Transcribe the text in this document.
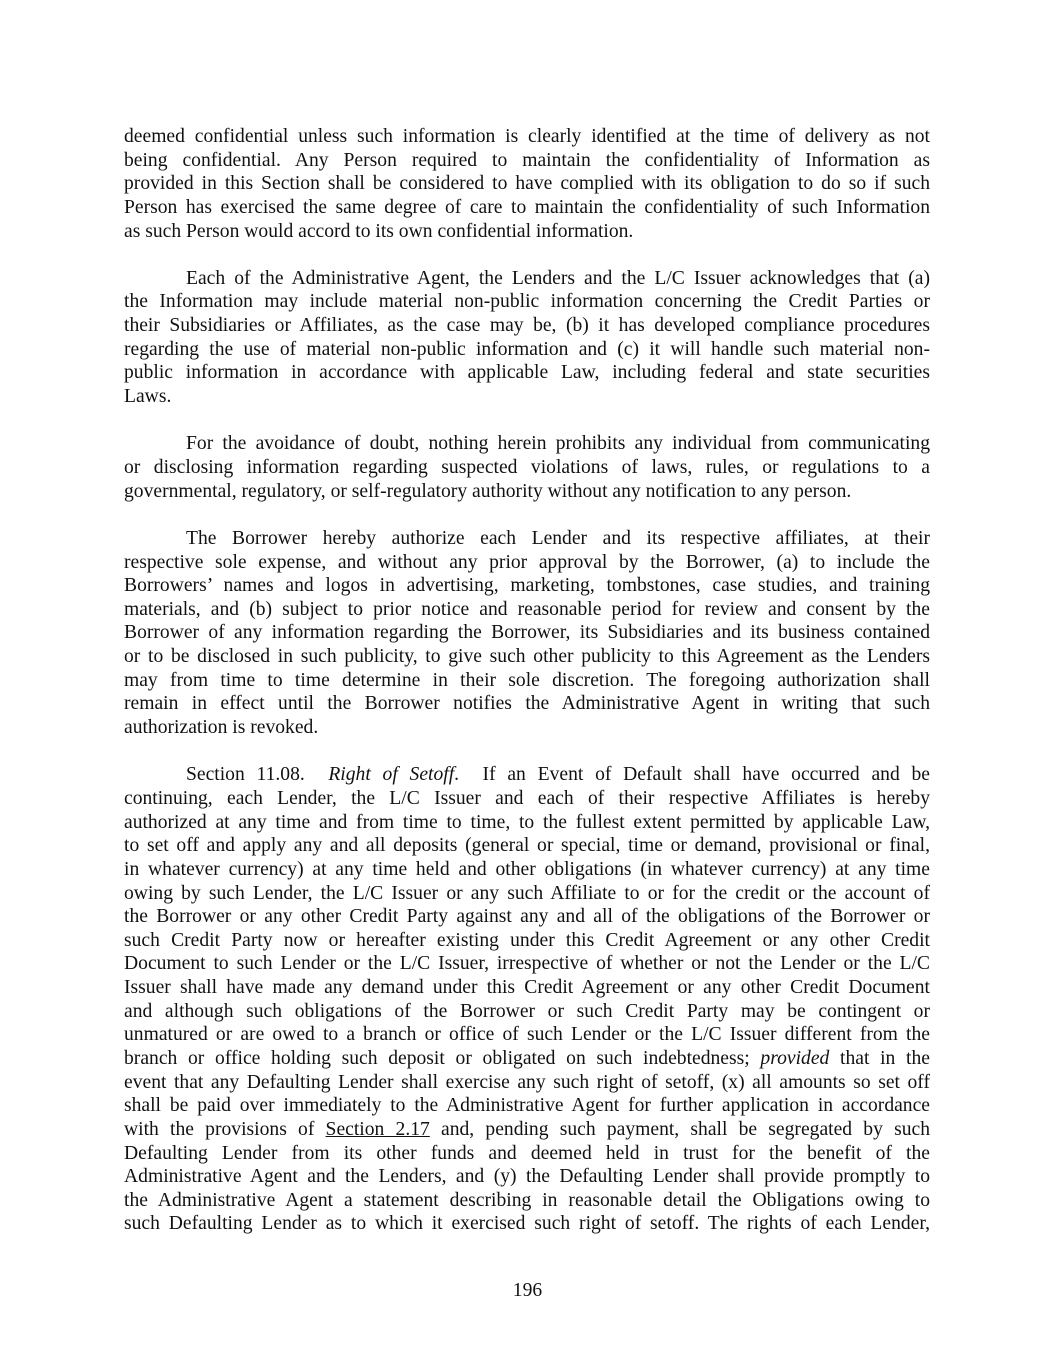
deemed confidential unless such information is clearly identified at the time of delivery as not
being confidential. Any Person required to maintain the confidentiality of Information as
provided in this Section shall be considered to have complied with its obligation to do so if such
Person has exercised the same degree of care to maintain the confidentiality of such Information
as such Person would accord to its own confidential information.
Each of the Administrative Agent, the Lenders and the L/C Issuer acknowledges that (a)
the Information may include material non-public information concerning the Credit Parties or
their Subsidiaries or Affiliates, as the case may be, (b) it has developed compliance procedures
regarding the use of material non-public information and (c) it will handle such material non-
public information in accordance with applicable Law, including federal and state securities
Laws.
For the avoidance of doubt, nothing herein prohibits any individual from communicating
or disclosing information regarding suspected violations of laws, rules, or regulations to a
governmental, regulatory, or self-regulatory authority without any notification to any person.
The Borrower hereby authorize each Lender and its respective affiliates, at their
respective sole expense, and without any prior approval by the Borrower, (a) to include the
Borrowers’ names and logos in advertising, marketing, tombstones, case studies, and training
materials, and (b) subject to prior notice and reasonable period for review and consent by the
Borrower of any information regarding the Borrower, its Subsidiaries and its business contained
or to be disclosed in such publicity, to give such other publicity to this Agreement as the Lenders
may from time to time determine in their sole discretion. The foregoing authorization shall
remain in effect until the Borrower notifies the Administrative Agent in writing that such
authorization is revoked.
Section 11.08.  Right of Setoff.  If an Event of Default shall have occurred and be
continuing, each Lender, the L/C Issuer and each of their respective Affiliates is hereby
authorized at any time and from time to time, to the fullest extent permitted by applicable Law,
to set off and apply any and all deposits (general or special, time or demand, provisional or final,
in whatever currency) at any time held and other obligations (in whatever currency) at any time
owing by such Lender, the L/C Issuer or any such Affiliate to or for the credit or the account of
the Borrower or any other Credit Party against any and all of the obligations of the Borrower or
such Credit Party now or hereafter existing under this Credit Agreement or any other Credit
Document to such Lender or the L/C Issuer, irrespective of whether or not the Lender or the L/C
Issuer shall have made any demand under this Credit Agreement or any other Credit Document
and although such obligations of the Borrower or such Credit Party may be contingent or
unmatured or are owed to a branch or office of such Lender or the L/C Issuer different from the
branch or office holding such deposit or obligated on such indebtedness; provided that in the
event that any Defaulting Lender shall exercise any such right of setoff, (x) all amounts so set off
shall be paid over immediately to the Administrative Agent for further application in accordance
with the provisions of Section 2.17 and, pending such payment, shall be segregated by such
Defaulting Lender from its other funds and deemed held in trust for the benefit of the
Administrative Agent and the Lenders, and (y) the Defaulting Lender shall provide promptly to
the Administrative Agent a statement describing in reasonable detail the Obligations owing to
such Defaulting Lender as to which it exercised such right of setoff. The rights of each Lender,
196
